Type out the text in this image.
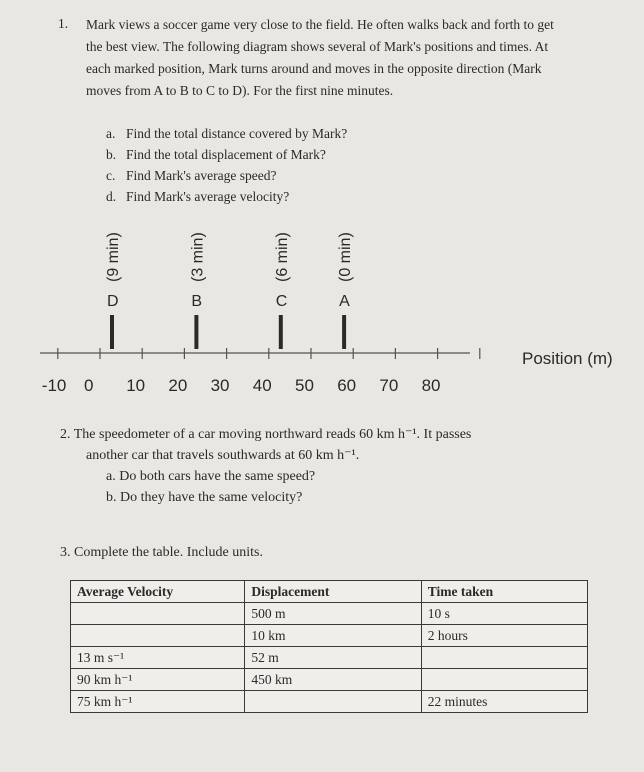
1. Mark views a soccer game very close to the field. He often walks back and forth to get the best view. The following diagram shows several of Mark's positions and times. At each marked position, Mark turns around and moves in the opposite direction (Mark moves from A to B to C to D). For the first nine minutes.
a. Find the total distance covered by Mark?
b. Find the total displacement of Mark?
c. Find Mark's average speed?
d. Find Mark's average velocity?
-10 0 10 20 30 40 50 60 70 80
D
(9 min)
B
(3 min)
C
(6 min)
A
(0 min)
Position (m)
2. The speedometer of a car moving northward reads 60 km h⁻¹. It passes
another car that travels southwards at 60 km h⁻¹.
a. Do both cars have the same speed?
b. Do they have the same velocity?
3. Complete the table. Include units.
Average Velocity	Displacement	Time taken
	500 m	10 s
	10 km	2 hours
13 m s⁻¹	52 m	
90 km h⁻¹	450 km	
75 km h⁻¹		22 minutes
